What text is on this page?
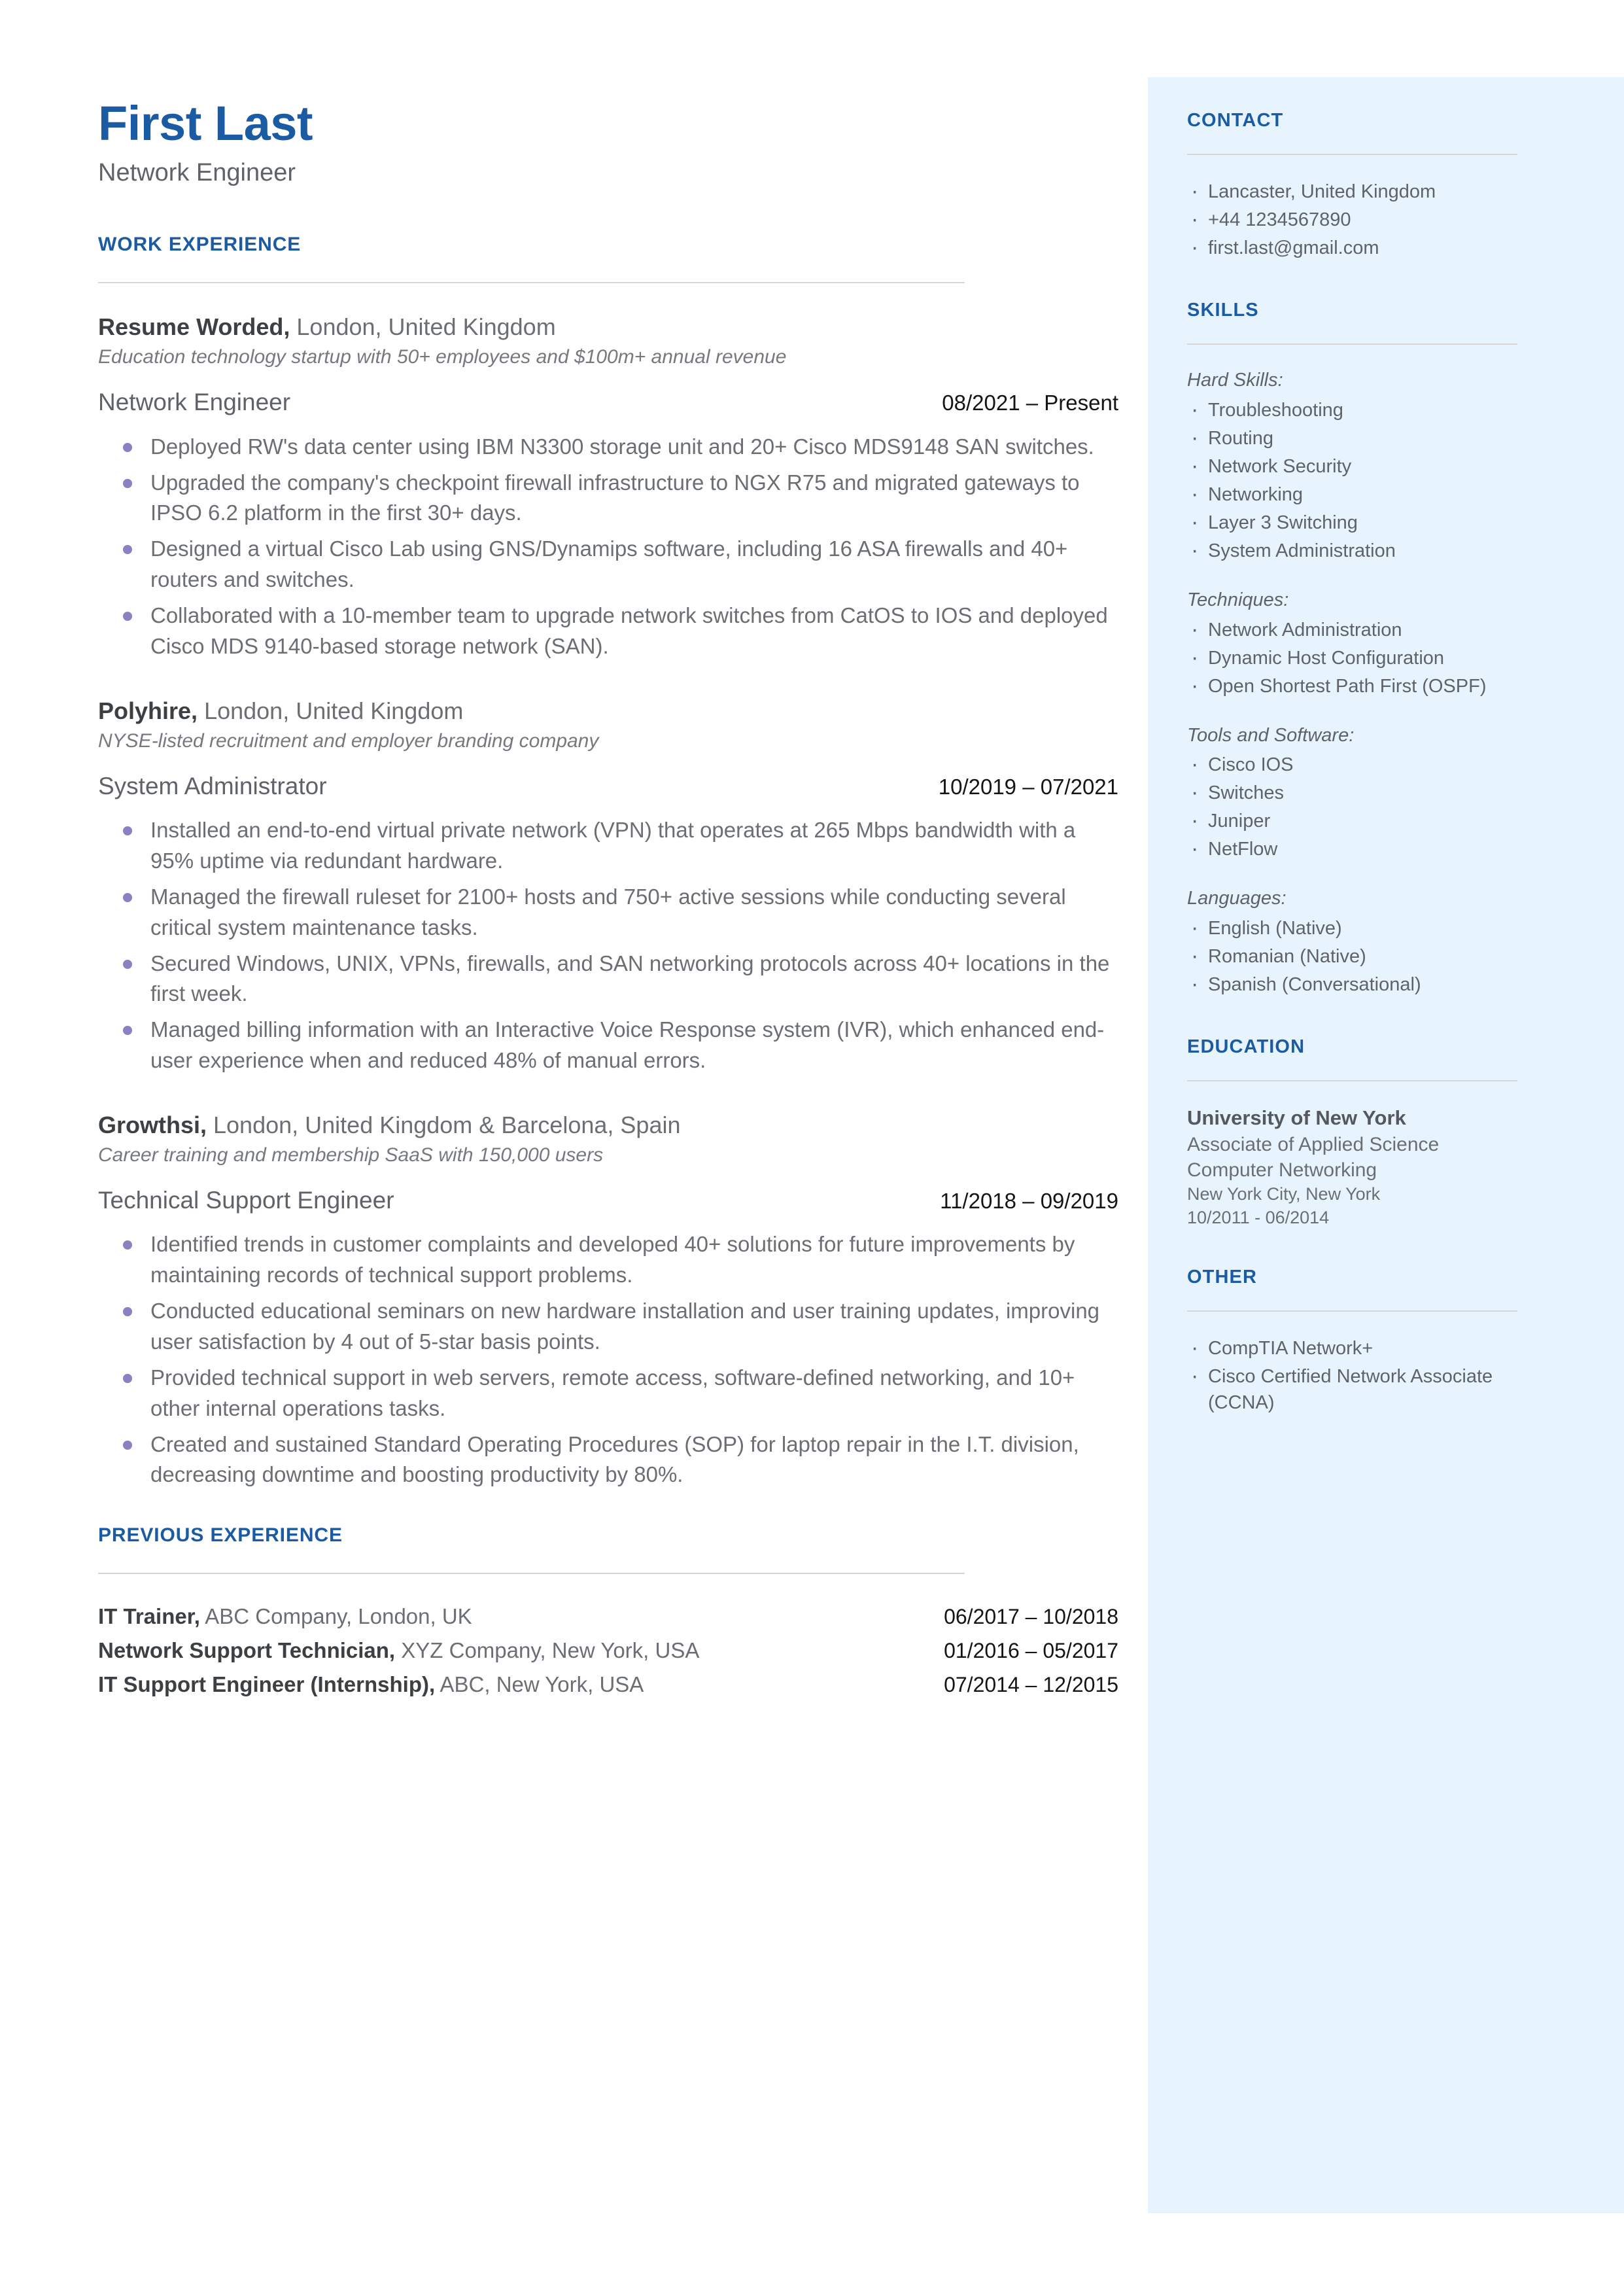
First Last
Network Engineer
WORK EXPERIENCE
Resume Worded, London, United Kingdom
Education technology startup with 50+ employees and $100m+ annual revenue
Network Engineer	08/2021 – Present
Deployed RW's data center using IBM N3300 storage unit and 20+ Cisco MDS9148 SAN switches.
Upgraded the company's checkpoint firewall infrastructure to NGX R75 and migrated gateways to IPSO 6.2 platform in the first 30+ days.
Designed a virtual Cisco Lab using GNS/Dynamips software, including 16 ASA firewalls and 40+ routers and switches.
Collaborated with a 10-member team to upgrade network switches from CatOS to IOS and deployed Cisco MDS 9140-based storage network (SAN).
Polyhire, London, United Kingdom
NYSE-listed recruitment and employer branding company
System Administrator	10/2019 – 07/2021
Installed an end-to-end virtual private network (VPN) that operates at 265 Mbps bandwidth with a 95% uptime via redundant hardware.
Managed the firewall ruleset for 2100+ hosts and 750+ active sessions while conducting several critical system maintenance tasks.
Secured Windows, UNIX, VPNs, firewalls, and SAN networking protocols across 40+ locations in the first week.
Managed billing information with an Interactive Voice Response system (IVR), which enhanced end-user experience when and reduced 48% of manual errors.
Growthsi, London, United Kingdom & Barcelona, Spain
Career training and membership SaaS with 150,000 users
Technical Support Engineer	11/2018 – 09/2019
Identified trends in customer complaints and developed 40+ solutions for future improvements by maintaining records of technical support problems.
Conducted educational seminars on new hardware installation and user training updates, improving user satisfaction by 4 out of 5-star basis points.
Provided technical support in web servers, remote access, software-defined networking, and 10+ other internal operations tasks.
Created and sustained Standard Operating Procedures (SOP) for laptop repair in the I.T. division, decreasing downtime and boosting productivity by 80%.
PREVIOUS EXPERIENCE
IT Trainer, ABC Company, London, UK	06/2017 – 10/2018
Network Support Technician, XYZ Company, New York, USA	01/2016 – 05/2017
IT Support Engineer (Internship), ABC, New York, USA	07/2014 – 12/2015
CONTACT
· Lancaster, United Kingdom
· +44 1234567890
· first.last@gmail.com
SKILLS
Hard Skills:
· Troubleshooting
· Routing
· Network Security
· Networking
· Layer 3 Switching
· System Administration
Techniques:
· Network Administration
· Dynamic Host Configuration
· Open Shortest Path First (OSPF)
Tools and Software:
· Cisco IOS
· Switches
· Juniper
· NetFlow
Languages:
· English (Native)
· Romanian (Native)
· Spanish (Conversational)
EDUCATION
University of New York
Associate of Applied Science
Computer Networking
New York City, New York
10/2011 - 06/2014
OTHER
· CompTIA Network+
· Cisco Certified Network Associate (CCNA)
